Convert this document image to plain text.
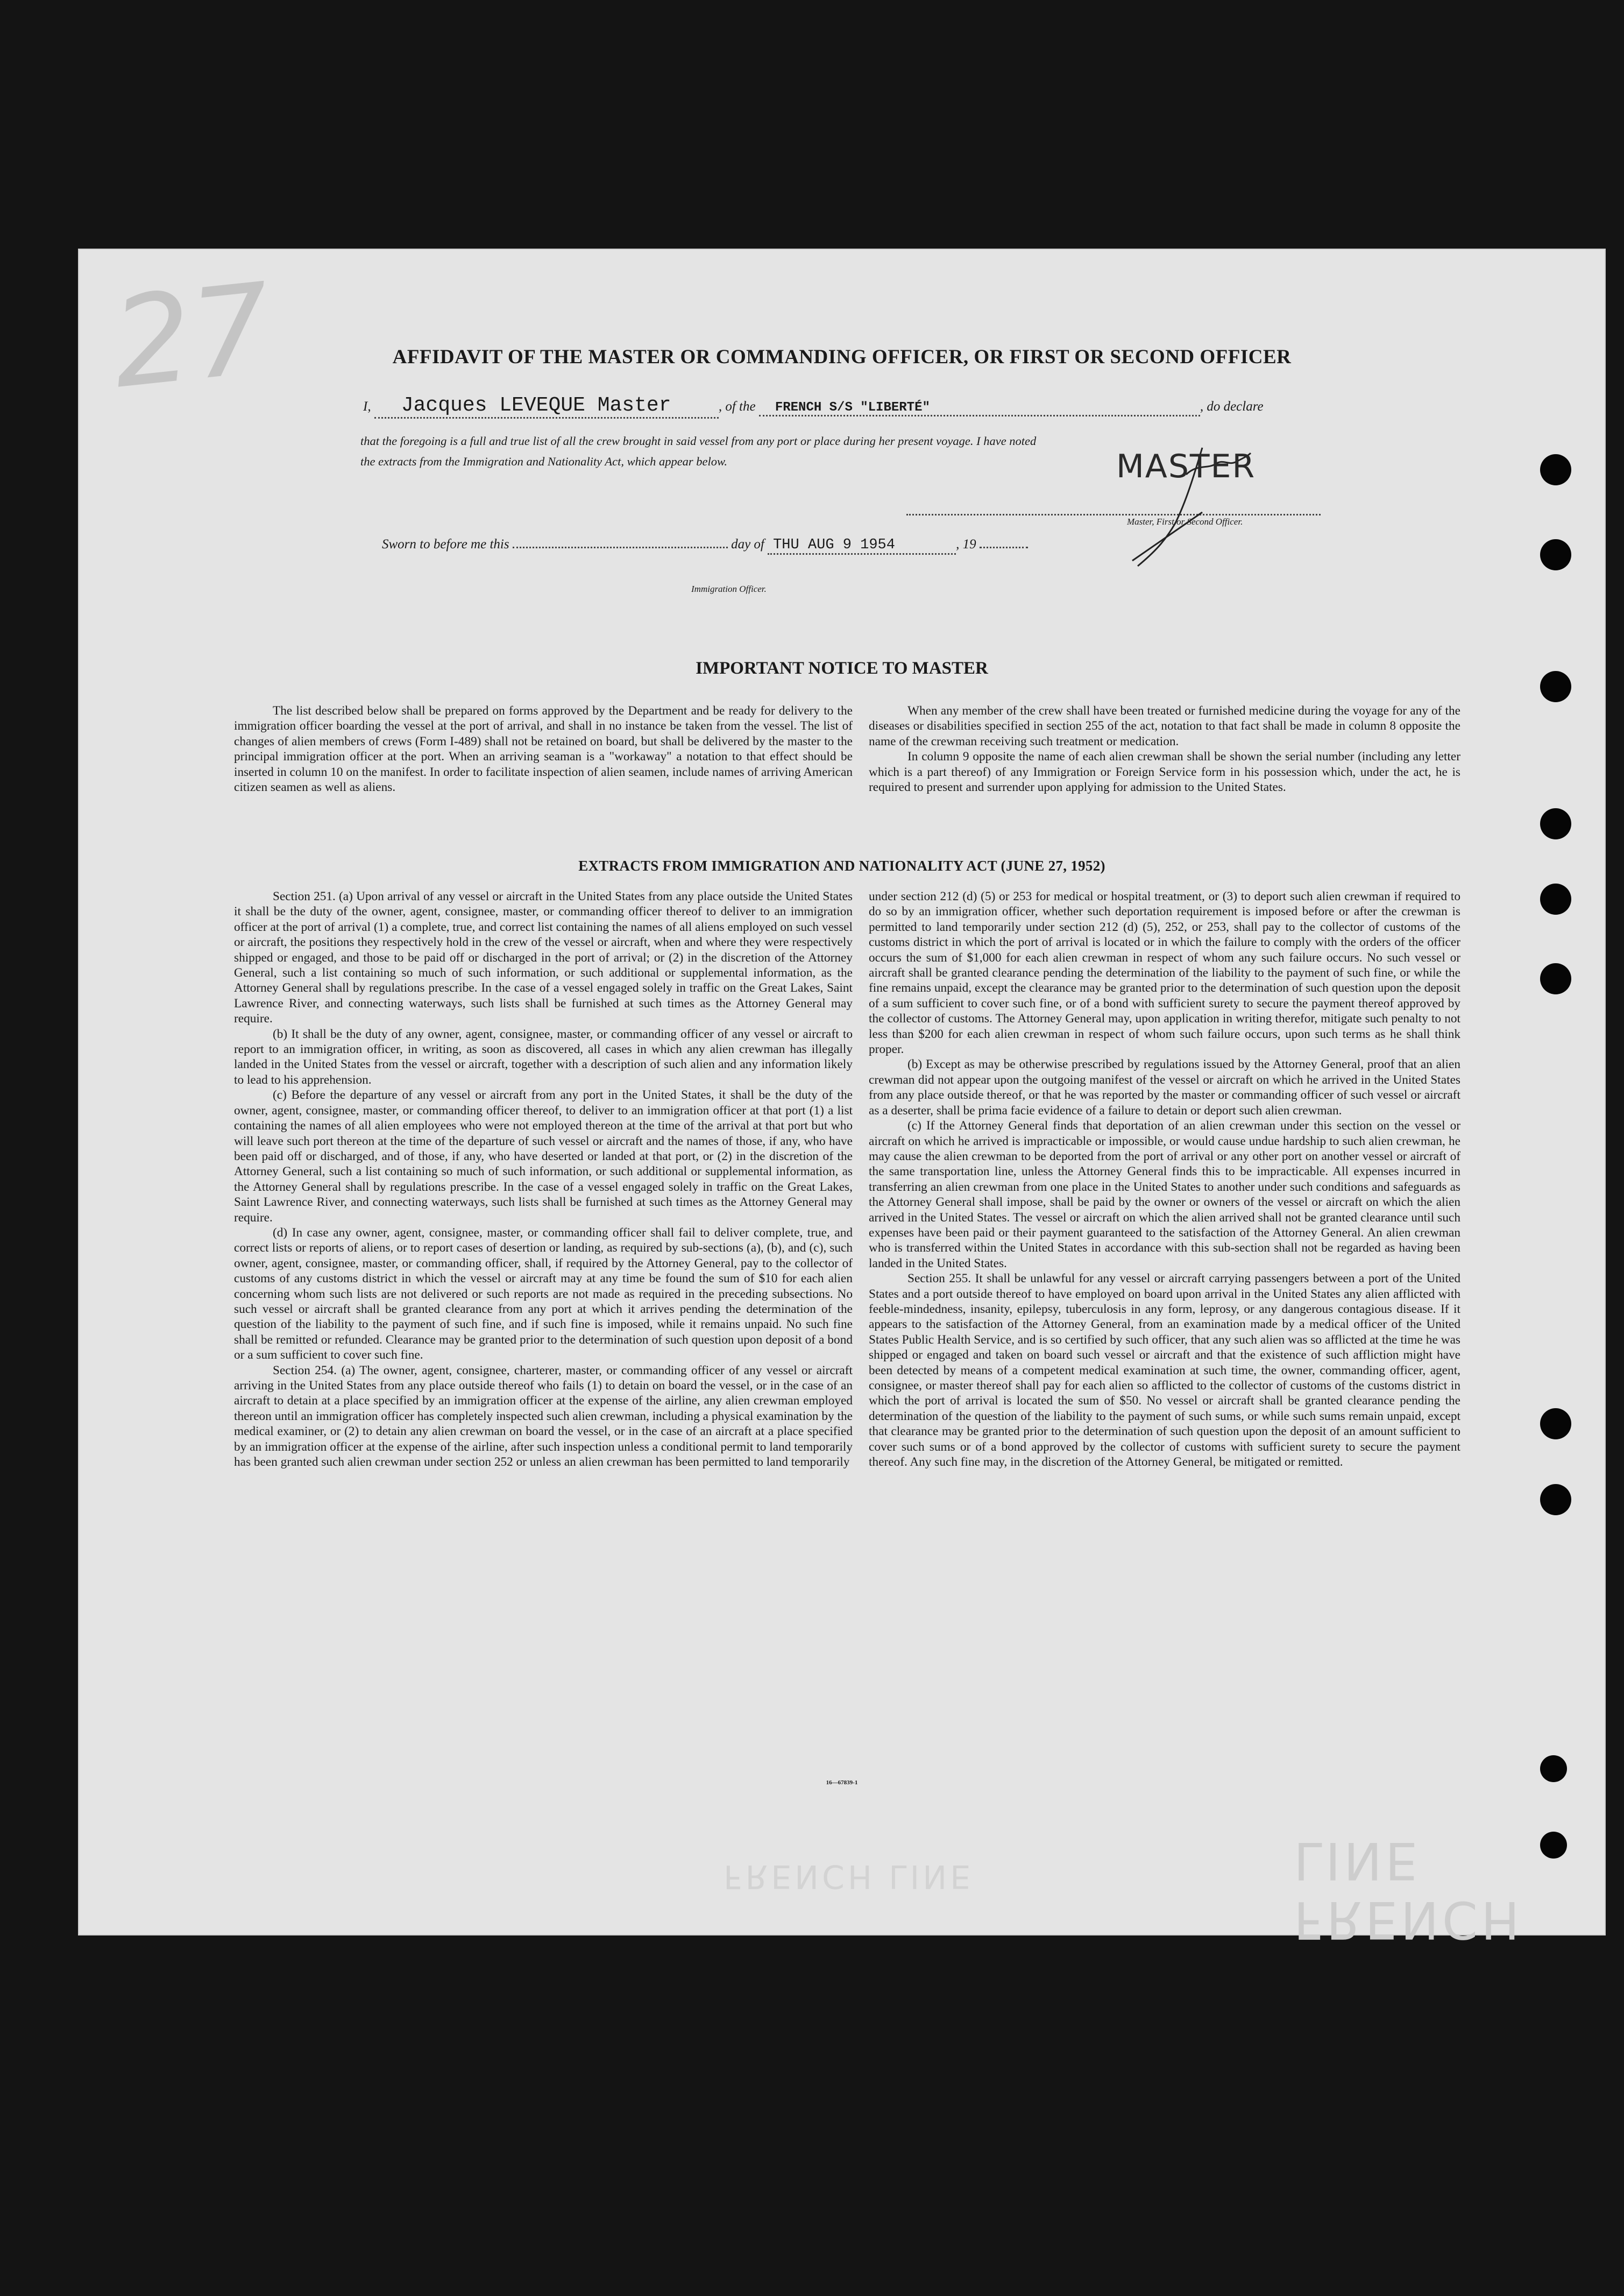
27	AFFIDAVIT OF THE MASTER OR COMMANDING OFFICER, OR FIRST OR SECOND OFFICER
I, Jacques LEVEQUE Master	, of the FRENCH S/S "LIBERTÉ"	, do declare
that the foregoing is a full and true list of all the crew brought in said vessel from any port or place during her present voyage. I have noted
the extracts from the Immigration and Nationality Act, which appear below.
Master, First or Second Officer.
MASTER
Sworn to before me this	day of THU AUG 9 1954	, 19
Immigration Officer.
IMPORTANT NOTICE TO MASTER

The list described below shall be prepared on forms approved by the Department and be ready for delivery to the immigration officer boarding the vessel at the port of arrival, and shall in no instance be taken from the vessel. The list of changes of alien members of crews (Form I-489) shall not be retained on board, but shall be delivered by the master to the principal immigration officer at the port. When an arriving seaman is a "workaway" a notation to that effect should be inserted in column 10 on the manifest. In order to facilitate inspection of alien seamen, include names of arriving American citizen seamen as well as aliens.

When any member of the crew shall have been treated or furnished medicine during the voyage for any of the diseases or disabilities specified in section 255 of the act, notation to that fact shall be made in column 8 opposite the name of the crewman receiving such treatment or medication.

In column 9 opposite the name of each alien crewman shall be shown the serial number (including any letter which is a part thereof) of any Immigration or Foreign Service form in his possession which, under the act, he is required to present and surrender upon applying for admission to the United States.

EXTRACTS FROM IMMIGRATION AND NATIONALITY ACT (JUNE 27, 1952)

Section 251. (a) Upon arrival of any vessel or aircraft in the United States from any place outside the United States it shall be the duty of the owner, agent, consignee, master, or commanding officer thereof to deliver to an immigration officer at the port of arrival (1) a complete, true, and correct list containing the names of all aliens employed on such vessel or aircraft, the positions they respectively hold in the crew of the vessel or aircraft, when and where they were respectively shipped or engaged, and those to be paid off or discharged in the port of arrival; or (2) in the discretion of the Attorney General, such a list containing so much of such information, or such additional or supplemental information, as the Attorney General shall by regulations prescribe. In the case of a vessel engaged solely in traffic on the Great Lakes, Saint Lawrence River, and connecting waterways, such lists shall be furnished at such times as the Attorney General may require.

(b) It shall be the duty of any owner, agent, consignee, master, or commanding officer of any vessel or aircraft to report to an immigration officer, in writing, as soon as discovered, all cases in which any alien crewman has illegally landed in the United States from the vessel or aircraft, together with a description of such alien and any information likely to lead to his apprehension.

(c) Before the departure of any vessel or aircraft from any port in the United States, it shall be the duty of the owner, agent, consignee, master, or commanding officer thereof, to deliver to an immigration officer at that port (1) a list containing the names of all alien employees who were not employed thereon at the time of the arrival at that port but who will leave such port thereon at the time of the departure of such vessel or aircraft and the names of those, if any, who have been paid off or discharged, and of those, if any, who have deserted or landed at that port, or (2) in the discretion of the Attorney General, such a list containing so much of such information, or such additional or supplemental information, as the Attorney General shall by regulations prescribe. In the case of a vessel engaged solely in traffic on the Great Lakes, Saint Lawrence River, and connecting waterways, such lists shall be furnished at such times as the Attorney General may require.

(d) In case any owner, agent, consignee, master, or commanding officer shall fail to deliver complete, true, and correct lists or reports of aliens, or to report cases of desertion or landing, as required by sub-sections (a), (b), and (c), such owner, agent, consignee, master, or commanding officer, shall, if required by the Attorney General, pay to the collector of customs of any customs district in which the vessel or aircraft may at any time be found the sum of $10 for each alien concerning whom such lists are not delivered or such reports are not made as required in the preceding subsections. No such vessel or aircraft shall be granted clearance from any port at which it arrives pending the determination of the question of the liability to the payment of such fine, and if such fine is imposed, while it remains unpaid. No such fine shall be remitted or refunded. Clearance may be granted prior to the determination of such question upon deposit of a bond or a sum sufficient to cover such fine.

Section 254. (a) The owner, agent, consignee, charterer, master, or commanding officer of any vessel or aircraft arriving in the United States from any place outside thereof who fails (1) to detain on board the vessel, or in the case of an aircraft to detain at a place specified by an immigration officer at the expense of the airline, any alien crewman employed thereon until an immigration officer has completely inspected such alien crewman, including a physical examination by the medical examiner, or (2) to detain any alien crewman on board the vessel, or in the case of an aircraft at a place specified by an immigration officer at the expense of the airline, after such inspection unless a conditional permit to land temporarily has been granted such alien crewman under section 252 or unless an alien crewman has been permitted to land temporarily

under section 212 (d) (5) or 253 for medical or hospital treatment, or (3) to deport such alien crewman if required to do so by an immigration officer, whether such deportation requirement is imposed before or after the crewman is permitted to land temporarily under section 212 (d) (5), 252, or 253, shall pay to the collector of customs of the customs district in which the port of arrival is located or in which the failure to comply with the orders of the officer occurs the sum of $1,000 for each alien crewman in respect of whom any such failure occurs. No such vessel or aircraft shall be granted clearance pending the determination of the liability to the payment of such fine, or while the fine remains unpaid, except the clearance may be granted prior to the determination of such question upon the deposit of a sum sufficient to cover such fine, or of a bond with sufficient surety to secure the payment thereof approved by the collector of customs. The Attorney General may, upon application in writing therefor, mitigate such penalty to not less than $200 for each alien crewman in respect of whom such failure occurs, upon such terms as he shall think proper.

(b) Except as may be otherwise prescribed by regulations issued by the Attorney General, proof that an alien crewman did not appear upon the outgoing manifest of the vessel or aircraft on which he arrived in the United States from any place outside thereof, or that he was reported by the master or commanding officer of such vessel or aircraft as a deserter, shall be prima facie evidence of a failure to detain or deport such alien crewman.

(c) If the Attorney General finds that deportation of an alien crewman under this section on the vessel or aircraft on which he arrived is impracticable or impossible, or would cause undue hardship to such alien crewman, he may cause the alien crewman to be deported from the port of arrival or any other port on another vessel or aircraft of the same transportation line, unless the Attorney General finds this to be impracticable. All expenses incurred in transferring an alien crewman from one place in the United States to another under such conditions and safeguards as the Attorney General shall impose, shall be paid by the owner or owners of the vessel or aircraft on which the alien arrived in the United States. The vessel or aircraft on which the alien arrived shall not be granted clearance until such expenses have been paid or their payment guaranteed to the satisfaction of the Attorney General. An alien crewman who is transferred within the United States in accordance with this sub-section shall not be regarded as having been landed in the United States.

Section 255. It shall be unlawful for any vessel or aircraft carrying passengers between a port of the United States and a port outside thereof to have employed on board upon arrival in the United States any alien afflicted with feeble-mindedness, insanity, epilepsy, tuberculosis in any form, leprosy, or any dangerous contagious disease. If it appears to the satisfaction of the Attorney General, from an examination made by a medical officer of the United States Public Health Service, and is so certified by such officer, that any such alien was so afflicted at the time he was shipped or engaged and taken on board such vessel or aircraft and that the existence of such affliction might have been detected by means of a competent medical examination at such time, the owner, commanding officer, agent, consignee, or master thereof shall pay for each alien so afflicted to the collector of customs of the customs district in which the port of arrival is located the sum of $50. No vessel or aircraft shall be granted clearance pending the determination of the question of the liability to the payment of such sums, or while such sums remain unpaid, except that clearance may be granted prior to the determination of such question upon the deposit of an amount sufficient to cover such sums or of a bond approved by the collector of customs with sufficient surety to secure the payment thereof. Any such fine may, in the discretion of the Attorney General, be mitigated or remitted.

16—67839-1
FRENCH LINE
FRENCH LINE
